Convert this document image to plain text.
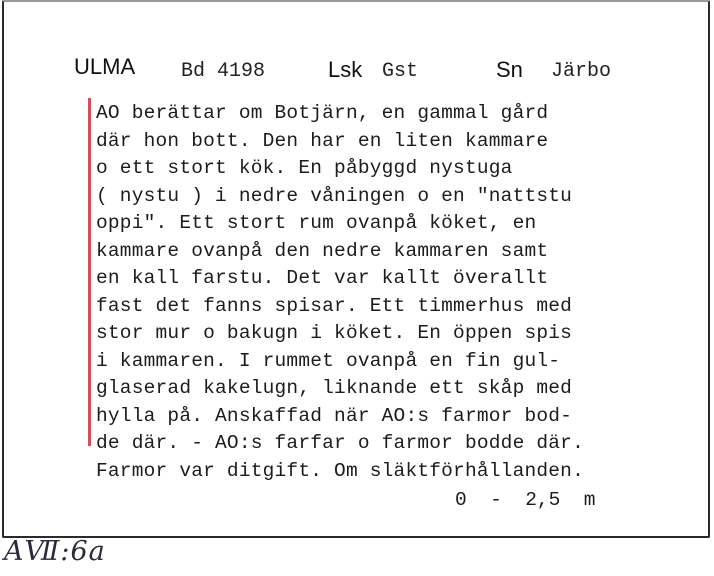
ULMA Bd 4198	Lsk Gst	Sn Järbo
AO berättar om Botjärn, en gammal gård
där hon bott. Den har en liten kammare
o ett stort kök. En påbyggd nystuga
( nystu ) i nedre våningen o en "nattstu
oppi". Ett stort rum ovanpå köket, en
kammare ovanpå den nedre kammaren samt
en kall farstu. Det var kallt överallt
fast det fanns spisar. Ett timmerhus med
stor mur o bakugn i köket. En öppen spis
i kammaren. I rummet ovanpå en fin gul-
glaserad kakelugn, liknande ett skåp med
hylla på. Anskaffad när AO:s farmor bod-
de där. - AO:s farfar o farmor bodde där.
Farmor var ditgift. Om släktförhållanden.
0  -  2,5  m
AⅦ:6a
